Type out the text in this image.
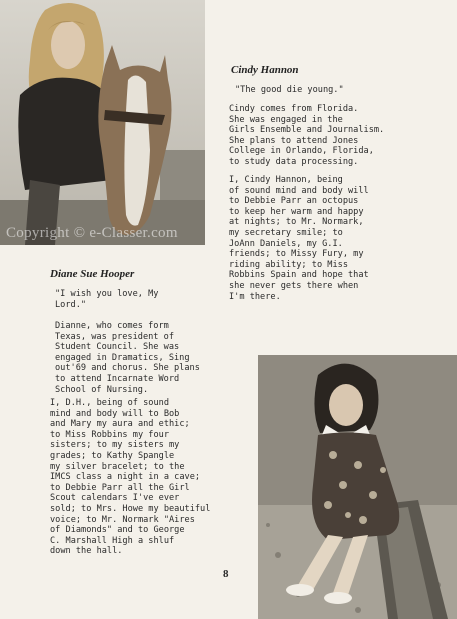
Copyright © e-Classer.com
Cindy Hannon
"The good die young."
Cindy comes from Florida.
She was engaged in the
Girls Ensemble and Journalism.
She plans to attend Jones
College in Orlando, Florida,
to study data processing.
I, Cindy Hannon, being
of sound mind and body will
to Debbie Parr an octopus
to keep her warm and happy
at nights; to Mr. Normark,
my secretary smile; to
JoAnn Daniels, my G.I.
friends; to Missy Fury, my
riding ability; to Miss
Robbins Spain and hope that
she never gets there when
I'm there.
Diane Sue Hooper
"I wish you love, My
Lord."
Dianne, who comes form
Texas, was president of
Student Council. She was
engaged in Dramatics, Sing
out'69 and chorus. She plans
to attend Incarnate Word
School of Nursing.
I, D.H., being of sound
mind and body will to Bob
and Mary my aura and ethic;
to Miss Robbins my four
sisters; to my sisters my
grades; to Kathy Spangle
my silver bracelet; to the
IMCS class a night in a cave;
to Debbie Parr all the Girl
Scout calendars I've ever
sold; to Mrs. Howe my beautiful
voice; to Mr. Normark "Aires
of Diamonds" and to George
C. Marshall High a shluf
down the hall.
8
